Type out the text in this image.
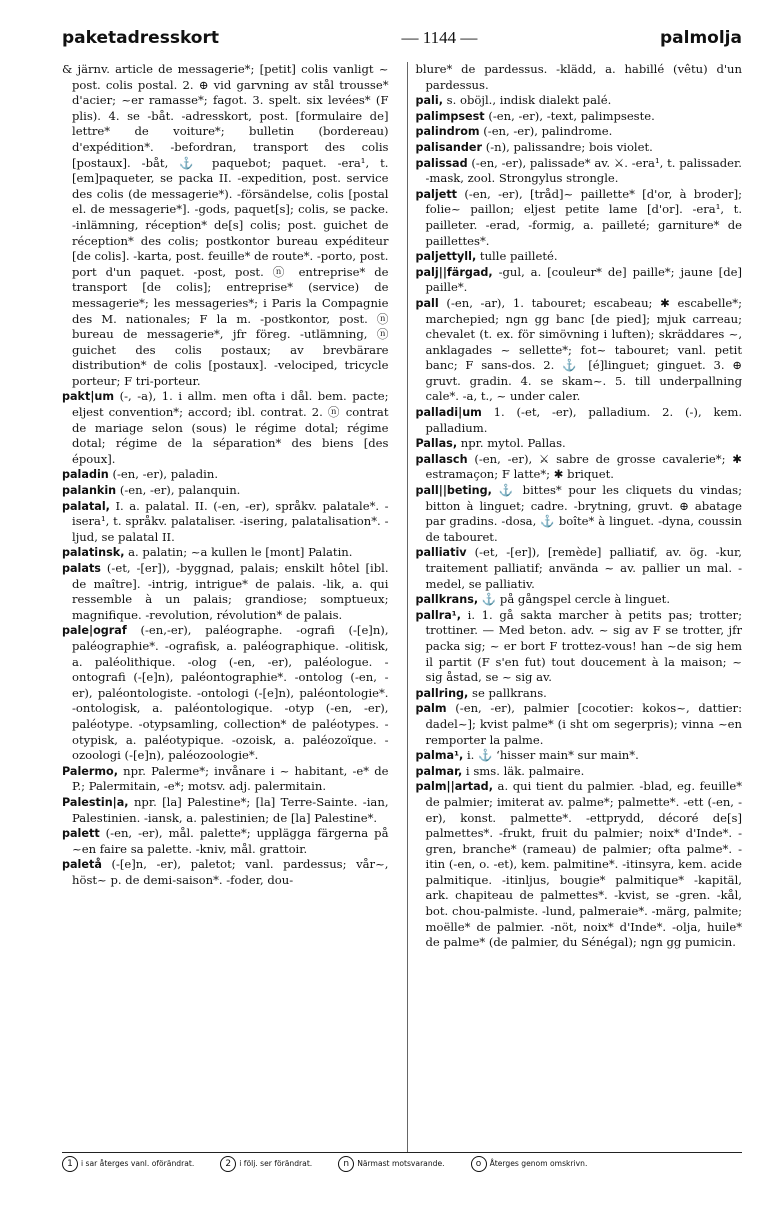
paketadresskort	— 1144 —	palmolja

& järnv. article de messagerie*; [petit] colis vanligt ~ post. colis postal. 2. ⊕ vid garvning av stål trousse* d'acier; ~er ramasse*; fagot. 3. spelt. six levées* (F plis). 4. se -båt. -adresskort, post. [formulaire de] lettre* de voiture*; bulletin (bordereau) d'expédition*. -befordran, transport des colis [postaux]. -båt, ⚓ paquebot; paquet. -era¹, t. [em]paqueter, se packa II. -expedition, post. service des colis (de messagerie*). -försändelse, colis [postal el. de messagerie*]. -gods, paquet[s]; colis, se packe. -inlämning, réception* de[s] colis; post. guichet de réception* des colis; postkontor bureau expéditeur [de colis]. -karta, post. feuille* de route*. -porto, post. port d'un paquet. -post, post. ⓝ entreprise* de transport [de colis]; entreprise* (service) de messagerie*; les messageries*; i Paris la Compagnie des M. nationales; F la m. -postkontor, post. ⓝ bureau de messagerie*, jfr föreg. -utlämning, ⓝ guichet des colis postaux; av brevbärare distribution* de colis [postaux]. -velociped, tricycle porteur; F tri-porteur.

pakt|um (-, -a), 1. i allm. men ofta i dål. bem. pacte; eljest convention*; accord; ibl. contrat. 2. ⓝ contrat de mariage selon (sous) le régime dotal; régime dotal; régime de la séparation* des biens [des époux].

paladin (-en, -er), paladin.

palankin (-en, -er), palanquin.

palatal, I. a. palatal. II. (-en, -er), språkv. palatale*. -isera¹, t. språkv. palataliser. -isering, palatalisation*. -ljud, se palatal II.

palatinsk, a. palatin; ~a kullen le [mont] Palatin.

palats (-et, -[er]), -byggnad, palais; enskilt hôtel [ibl. de maître]. -intrig, intrigue* de palais. -lik, a. qui ressemble à un palais; grandiose; somptueux; magnifique. -revolution, révolution* de palais.

pale|ograf (-en,-er), paléographe. -ografi (-[e]n), paléographie*. -ografisk, a. paléographique. -olitisk, a. paléolithique. -olog (-en, -er), paléologue. -ontografi (-[e]n), paléontographie*. -ontolog (-en, -er), paléontologiste. -ontologi (-[e]n), paléontologie*. -ontologisk, a. paléontologique. -otyp (-en, -er), paléotype. -otypsamling, collection* de paléotypes. -otypisk, a. paléotypique. -ozoisk, a. paléozoïque. -ozoologi (-[e]n), paléozoologie*.

Palermo, npr. Palerme*; invånare i ~ habitant, -e* de P.; Palermitain, -e*; motsv. adj. palermitain.

Palestin|a, npr. [la] Palestine*; [la] Terre-Sainte. -ian, Palestinien. -iansk, a. palestinien; de [la] Palestine*.

palett (-en, -er), mål. palette*; upplägga färgerna på ~en faire sa palette. -kniv, mål. grattoir.

paletå (-[e]n, -er), paletot; vanl. pardessus; vår~, höst~ p. de demi-saison*. -foder, dou-

blure* de pardessus. -klädd, a. habillé (vêtu) d'un pardessus.

pali, s. oböjl., indisk dialekt palé.

palimpsest (-en, -er), -text, palimpseste.

palindrom (-en, -er), palindrome.

palisander (-n), palissandre; bois violet.

palissad (-en, -er), palissade* av. ⚔. -era¹, t. palissader. -mask, zool. Strongylus strongle.

paljett (-en, -er), [tråd]~ paillette* [d'or, à broder]; folie~ paillon; eljest petite lame [d'or]. -era¹, t. pailleter. -erad, -formig, a. pailleté; garniture* de paillettes*.

paljettyll, tulle pailleté.

palj||färgad, -gul, a. [couleur* de] paille*; jaune [de] paille*.

pall (-en, -ar), 1. tabouret; escabeau; ✱ escabelle*; marchepied; ngn gg banc [de pied]; mjuk carreau; chevalet (t. ex. för simövning i luften); skräddares ~, anklagades ~ sellette*; fot~ tabouret; vanl. petit banc; F sans-dos. 2. ⚓ [é]linguet; ginguet. 3. ⊕ gruvt. gradin. 4. se skam~. 5. till underpallning cale*. -a, t., ~ under caler.

palladi|um 1. (-et, -er), palladium. 2. (-), kem. palladium.

Pallas, npr. mytol. Pallas.

pallasch (-en, -er), ⚔ sabre de grosse cavalerie*; ✱ estramaçon; F latte*; ✱ briquet.

pall||beting, ⚓ bittes* pour les cliquets du vindas; bitton à linguet; cadre. -brytning, gruvt. ⊕ abatage par gradins. -dosa, ⚓ boîte* à linguet. -dyna, coussin de tabouret.

palliativ (-et, -[er]), [remède] palliatif, av. ög. -kur, traitement palliatif; använda ~ av. pallier un mal. -medel, se palliativ.

pallkrans, ⚓ på gångspel cercle à linguet.

pallra¹, i. 1. gå sakta marcher à petits pas; trotter; trottiner. — Med beton. adv. ~ sig av F se trotter, jfr packa sig; ~ er bort F trottez-vous! han ~de sig hem il partit (F s'en fut) tout doucement à la maison; ~ sig åstad, se ~ sig av.

pallring, se pallkrans.

palm (-en, -er), palmier [cocotier: kokos~, dattier: dadel~]; kvist palme* (i sht om segerpris); vinna ~en remporter la palme.

palma¹, i. ⚓ ʻhisser main* sur main*.

palmar, i sms. läk. palmaire.

palm||artad, a. qui tient du palmier. -blad, eg. feuille* de palmier; imiterat av. palme*; palmette*. -ett (-en, -er), konst. palmette*. -ettprydd, décoré de[s] palmettes*. -frukt, fruit du palmier; noix* d'Inde*. -gren, branche* (rameau) de palmier; ofta palme*. -itin (-en, o. -et), kem. palmitine*. -itinsyra, kem. acide palmitique. -itinljus, bougie* palmitique* -kapitäl, ark. chapiteau de palmettes*. -kvist, se -gren. -kål, bot. chou-palmiste. -lund, palmeraie*. -märg, palmite; moëlle* de palmier. -nöt, noix* d'Inde*. -olja, huile* de palme* (de palmier, du Sénégal); ngn gg pumicin.

1 i sar återges vanl. oförändrat.	2 i följ. ser förändrat.	n Närmast motsvarande.	o Återges genom omskrivn.
